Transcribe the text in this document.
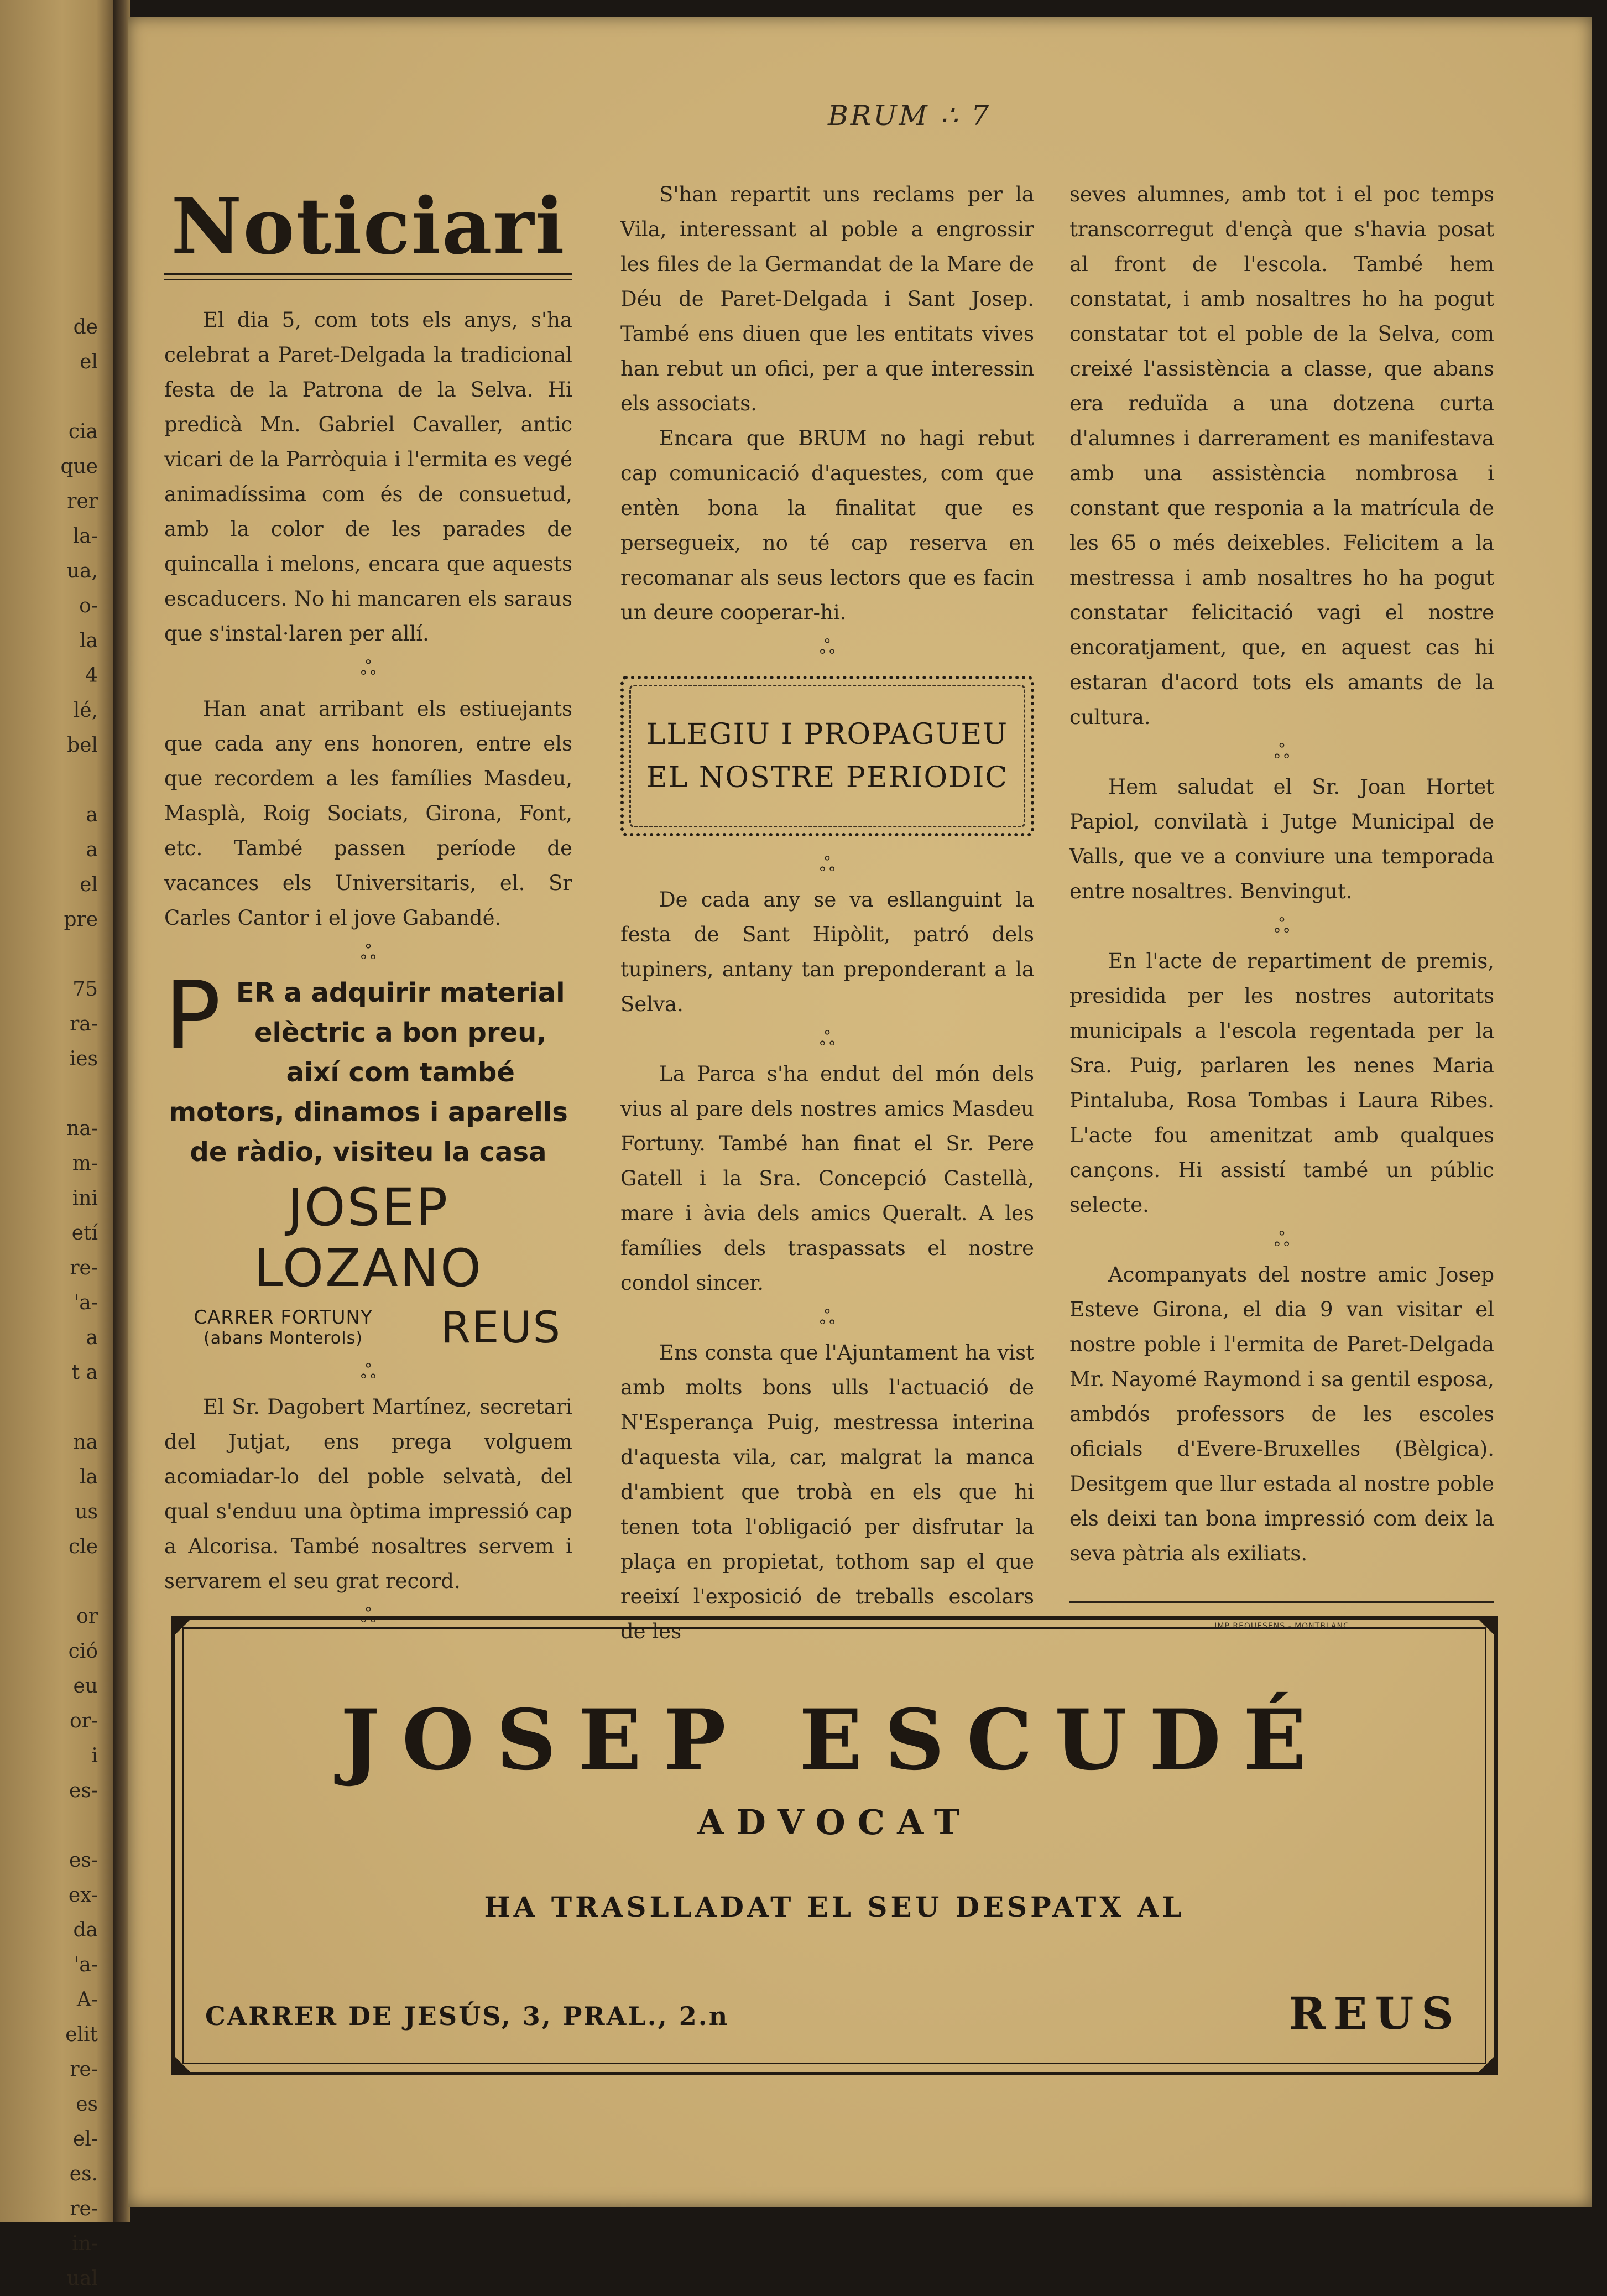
de
el
cia
que
rer
la-
ua,
o-
la
4
lé,
bel
a
a
el
pre
75
ra-
ies
na-
m-
ini
etí
re-
'a-
a
t a
na
la
us
cle
or
ció
eu
or-
i
es-
es-
ex-
da
'a-
A-
elit
re-
es
el-
es.
re-
in-
ual
BRUM ∴ 7
Noticiari

El dia 5, com tots els anys, s'ha celebrat a Paret-Delgada la tradicional festa de la Patrona de la Selva. Hi predicà Mn. Gabriel Cavaller, antic vicari de la Parròquia i l'ermita es vegé animadíssima com és de consuetud, amb la color de les parades de quincalla i melons, encara que aquests escaducers. No hi mancaren els saraus que s'instal·laren per allí.

ஃ

Han anat arribant els estiuejants que cada any ens honoren, entre els que recordem a les famílies Masdeu, Masplà, Roig Sociats, Girona, Font, etc. També passen període de vacances els Universitaris, el. Sr Carles Cantor i el jove Gabandé.

ஃ
PER a adquirir material elèctric a bon preu, així com també motors, dinamos i aparells de ràdio, visiteu la casa
JOSEP LOZANO
CARRER FORTUNY
(abans Monterols)	REUS
ஃ

El Sr. Dagobert Martínez, secretari del Jutjat, ens prega volguem acomiadar-lo del poble selvatà, del qual s'enduu una òptima impressió cap a Alcorisa. També nosaltres servem i servarem el seu grat record.

ஃ

S'han repartit uns reclams per la Vila, interessant al poble a engrossir les files de la Germandat de la Mare de Déu de Paret-Delgada i Sant Josep. També ens diuen que les entitats vives han rebut un ofici, per a que interessin els associats.

Encara que BRUM no hagi rebut cap comunicació d'aquestes, com que entèn bona la finalitat que es persegueix, no té cap reserva en recomanar als seus lectors que es facin un deure cooperar-hi.

ஃ
LLEGIU I PROPAGUEU
EL NOSTRE PERIODIC
ஃ

De cada any se va esllanguint la festa de Sant Hipòlit, patró dels tupiners, antany tan preponderant a la Selva.

ஃ

La Parca s'ha endut del món dels vius al pare dels nostres amics Masdeu Fortuny. També han finat el Sr. Pere Gatell i la Sra. Concepció Castellà, mare i àvia dels amics Queralt. A les famílies dels traspassats el nostre condol sincer.

ஃ

Ens consta que l'Ajuntament ha vist amb molts bons ulls l'actuació de N'Esperança Puig, mestressa interina d'aquesta vila, car, malgrat la manca d'ambient que trobà en els que hi tenen tota l'obligació per disfrutar la plaça en propietat, tothom sap el que reeixí l'exposició de treballs escolars de les

seves alumnes, amb tot i el poc temps transcorregut d'ençà que s'havia posat al front de l'escola. També hem constatat, i amb nosaltres ho ha pogut constatar tot el poble de la Selva, com creixé l'assistència a classe, que abans era reduïda a una dotzena curta d'alumnes i darrerament es manifestava amb una assistència nombrosa i constant que responia a la matrícula de les 65 o més deixebles. Felicitem a la mestressa i amb nosaltres ho ha pogut constatar felicitació vagi el nostre encoratjament, que, en aquest cas hi estaran d'acord tots els amants de la cultura.

ஃ

Hem saludat el Sr. Joan Hortet Papiol, convilatà i Jutge Municipal de Valls, que ve a conviure una temporada entre nosaltres. Benvingut.

ஃ

En l'acte de repartiment de premis, presidida per les nostres autoritats municipals a l'escola regentada per la Sra. Puig, parlaren les nenes Maria Pintaluba, Rosa Tombas i Laura Ribes. L'acte fou amenitzat amb qualques cançons. Hi assistí també un públic selecte.

ஃ

Acompanyats del nostre amic Josep Esteve Girona, el dia 9 van visitar el nostre poble i l'ermita de Paret-Delgada Mr. Nayomé Raymond i sa gentil esposa, ambdós professors de les escoles oficials d'Evere-Bruxelles (Bèlgica). Desitgem que llur estada al nostre poble els deixi tan bona impressió com deix la seva pàtria als exiliats.

IMP REQUESENS.- MONTBLANC
JOSEP ESCUDÉ
ADVOCAT
HA TRASLLADAT EL SEU DESPATX AL
CARRER DE JESÚS, 3, PRAL., 2.n	REUS
